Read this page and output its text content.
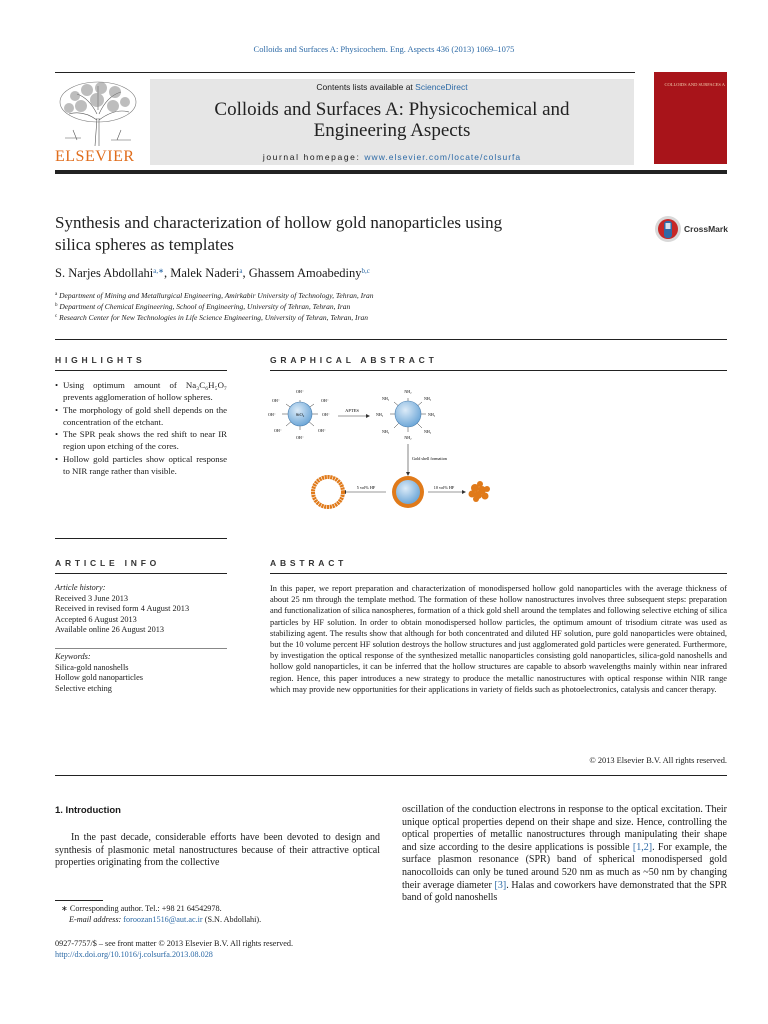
Colloids and Surfaces A: Physicochem. Eng. Aspects 436 (2013) 1069–1075
ELSEVIER
Contents lists available at ScienceDirect
Colloids and Surfaces A: Physicochemical and
Engineering Aspects
journal homepage: www.elsevier.com/locate/colsurfa
COLLOIDS AND SURFACES A
Synthesis and characterization of hollow gold nanoparticles using
silica spheres as templates
CrossMark
S. Narjes Abdollahi$^{a,∗}$, Malek Naderi$^a$, Ghassem Amoabediny$^{b,c}$
$^a$ Department of Mining and Metallurgical Engineering, Amirkabir University of Technology, Tehran, Iran
$^b$ Department of Chemical Engineering, School of Engineering, University of Tehran, Tehran, Iran
$^c$ Research Center for New Technologies in Life Science Engineering, University of Tehran, Tehran, Iran
HIGHLIGHTS
• Using optimum amount of Na₃C₆H₅O₇ prevents agglomeration of hollow spheres.
• The morphology of gold shell depends on the concentration of the etchant.
• The SPR peak shows the red shift to near IR region upon etching of the cores.
• Hollow gold particles show optical response to NIR range rather than visible.
GRAPHICAL ABSTRACT
SiO₂
OH⁻
OH⁻
OH⁻
OH⁻
OH⁻
OH⁻
OH⁻
OH⁻
APTES
NH₂
NH₂
NH₂
NH₂
NH₂
NH₂
NH₂
NH₂
Gold shell formation
5 vol% HF	10 vol% HF
ARTICLE INFO
Article history:
Received 3 June 2013
Received in revised form 4 August 2013
Accepted 6 August 2013
Available online 26 August 2013
Keywords:
Silica-gold nanoshells
Hollow gold nanoparticles
Selective etching
ABSTRACT
In this paper, we report preparation and characterization of monodispersed hollow gold nanoparticles with the average thickness of about 25 nm through the template method. The formation of these hollow nanostructures involves three subsequent steps: preparation and functionalization of silica nanospheres, formation of a thick gold shell around the templates and following selective etching of silica particles by HF solution. In order to obtain monodispersed hollow particles, the optimum amount of trisodium citrate was used as stabilizing agent. The results show that although for both concentrated and diluted HF solution, pure gold nanoparticles were obtained, but the 10 volume percent HF solution destroys the hollow structures and just agglomerated gold particles were generated. Furthermore, by investigation the optical response of the synthesized metallic nanoparticles consisting gold nanoparticles, silica-gold nanoshells and hollow gold nanoparticles, it can be inferred that the hollow structures are capable to absorb wavelengths mainly within near infrared region. Hence, this paper introduces a new strategy to produce the metallic nanostructures with optical response within NIR range which may provide new opportunities for their applications in variety of fields such as photoelectronics, catalysis and cancer therapy.
© 2013 Elsevier B.V. All rights reserved.
1. Introduction
In the past decade, considerable efforts have been devoted to design and synthesis of plasmonic metal nanostructures because of their attractive optical properties originating from the collective
oscillation of the conduction electrons in response to the optical excitation. Their unique optical properties depend on their shape and size. Hence, controlling the optical properties of metallic nanostructures through manipulating their shape and size according to the desire applications is possible [1,2]. For example, the surface plasmon resonance (SPR) band of spherical monodispersed gold nanocolloids can only be tuned around 520 nm as much as ~50 nm by changing their average diameter [3]. Halas and coworkers have demonstrated that the SPR band of gold nanoshells
∗ Corresponding author. Tel.: +98 21 64542978.
E-mail address: foroozan1516@aut.ac.ir (S.N. Abdollahi).
0927-7757/$ – see front matter © 2013 Elsevier B.V. All rights reserved.
http://dx.doi.org/10.1016/j.colsurfa.2013.08.028
